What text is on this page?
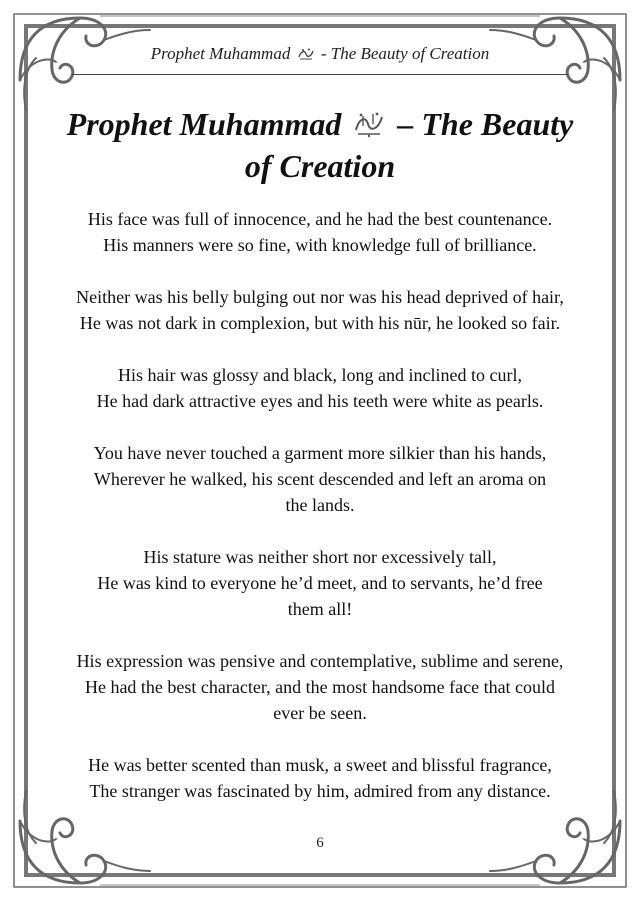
Prophet Muhammad  - The Beauty of Creation
Prophet Muhammad  – The Beauty
of Creation

His face was full of innocence, and he had the best countenance.

His manners were so fine, with knowledge full of brilliance.

Neither was his belly bulging out nor was his head deprived of hair,

He was not dark in complexion, but with his nūr, he looked so fair.

His hair was glossy and black, long and inclined to curl,

He had dark attractive eyes and his teeth were white as pearls.

You have never touched a garment more silkier than his hands,

Wherever he walked, his scent descended and left an aroma on

the lands.

His stature was neither short nor excessively tall,

He was kind to everyone he’d meet, and to servants, he’d free

them all!

His expression was pensive and contemplative, sublime and serene,

He had the best character, and the most handsome face that could

ever be seen.

He was better scented than musk, a sweet and blissful fragrance,

The stranger was fascinated by him, admired from any distance.

6
